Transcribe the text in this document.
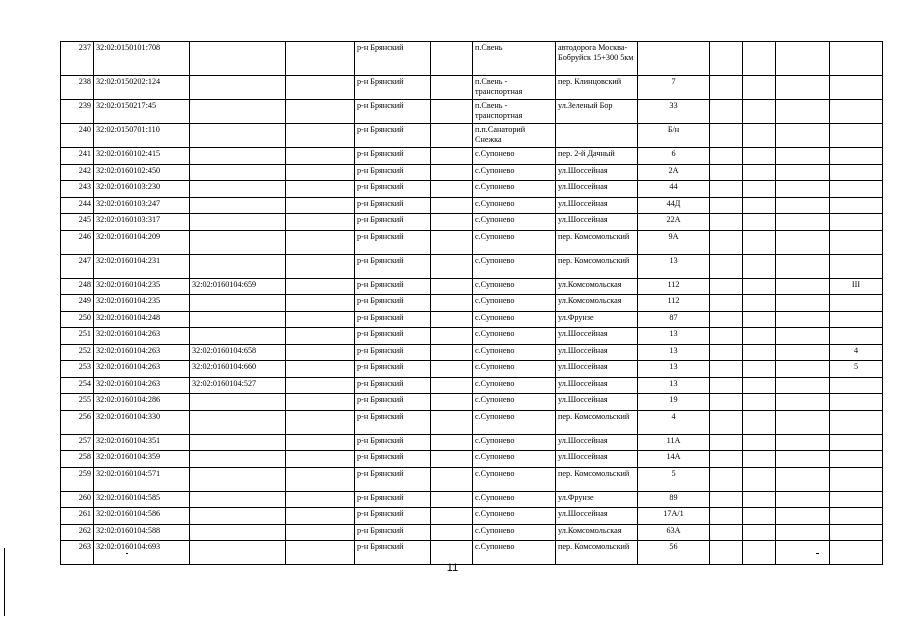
237	32:02:0150101:708			р-н Брянский		п.Свень	автодорога Москва-Бобруйск 15+300 5км					
238	32:02:0150202:124			р-н Брянский		п.Свень - транспортная	пер. Клинцовский	7				
239	32:02:0150217:45			р-н Брянский		п.Свень - транспортная	ул.Зеленый Бор	33				
240	32:02:0150701:110			р-н Брянский		п.п.Санаторий Снежка		Б/н				
241	32:02:0160102:415			р-н Брянский		с.Супонево	пер. 2-й Дачный	6				
242	32:02:0160102:450			р-н Брянский		с.Супонево	ул.Шоссейная	2А				
243	32:02:0160103:230			р-н Брянский		с.Супонево	ул.Шоссейная	44				
244	32:02:0160103:247			р-н Брянский		с.Супонево	ул.Шоссейная	44Д				
245	32:02:0160103:317			р-н Брянский		с.Супонево	ул.Шоссейная	22А				
246	32:02:0160104:209			р-н Брянский		с.Супонево	пер. Комсомольский	9А				
247	32:02:0160104:231			р-н Брянский		с.Супонево	пер. Комсомольский	13				
248	32:02:0160104:235	32:02:0160104:659		р-н Брянский		с.Супонево	ул.Комсомольская	112				III
249	32:02:0160104:235			р-н Брянский		с.Супонево	ул.Комсомольская	112				
250	32:02:0160104:248			р-н Брянский		с.Супонево	ул.Фрунзе	87				
251	32:02:0160104:263			р-н Брянский		с.Супонево	ул.Шоссейная	13				
252	32:02:0160104:263	32:02:0160104:658		р-н Брянский		с.Супонево	ул.Шоссейная	13				4
253	32:02:0160104:263	32:02:0160104:660		р-н Брянский		с.Супонево	ул.Шоссейная	13				5
254	32:02:0160104:263	32:02:0160104:527		р-н Брянский		с.Супонево	ул.Шоссейная	13				
255	32:02:0160104:286			р-н Брянский		с.Супонево	ул.Шоссейная	19				
256	32:02:0160104:330			р-н Брянский		с.Супонево	пер. Комсомольский	4				
257	32:02:0160104:351			р-н Брянский		с.Супонево	ул.Шоссейная	11А				
258	32:02:0160104:359			р-н Брянский		с.Супонево	ул.Шоссейная	14А				
259	32:02:0160104:571			р-н Брянский		с.Супонево	пер. Комсомольский	5				
260	32:02:0160104:585			р-н Брянский		с.Супонево	ул.Фрунзе	89				
261	32:02:0160104:586			р-н Брянский		с.Супонево	ул.Шоссейная	17А/1				
262	32:02:0160104:588			р-н Брянский		с.Супонево	ул.Комсомольская	63А				
263	32:02:0160104:693			р-н Брянский		с.Супонево	пер. Комсомольский	56				
11
